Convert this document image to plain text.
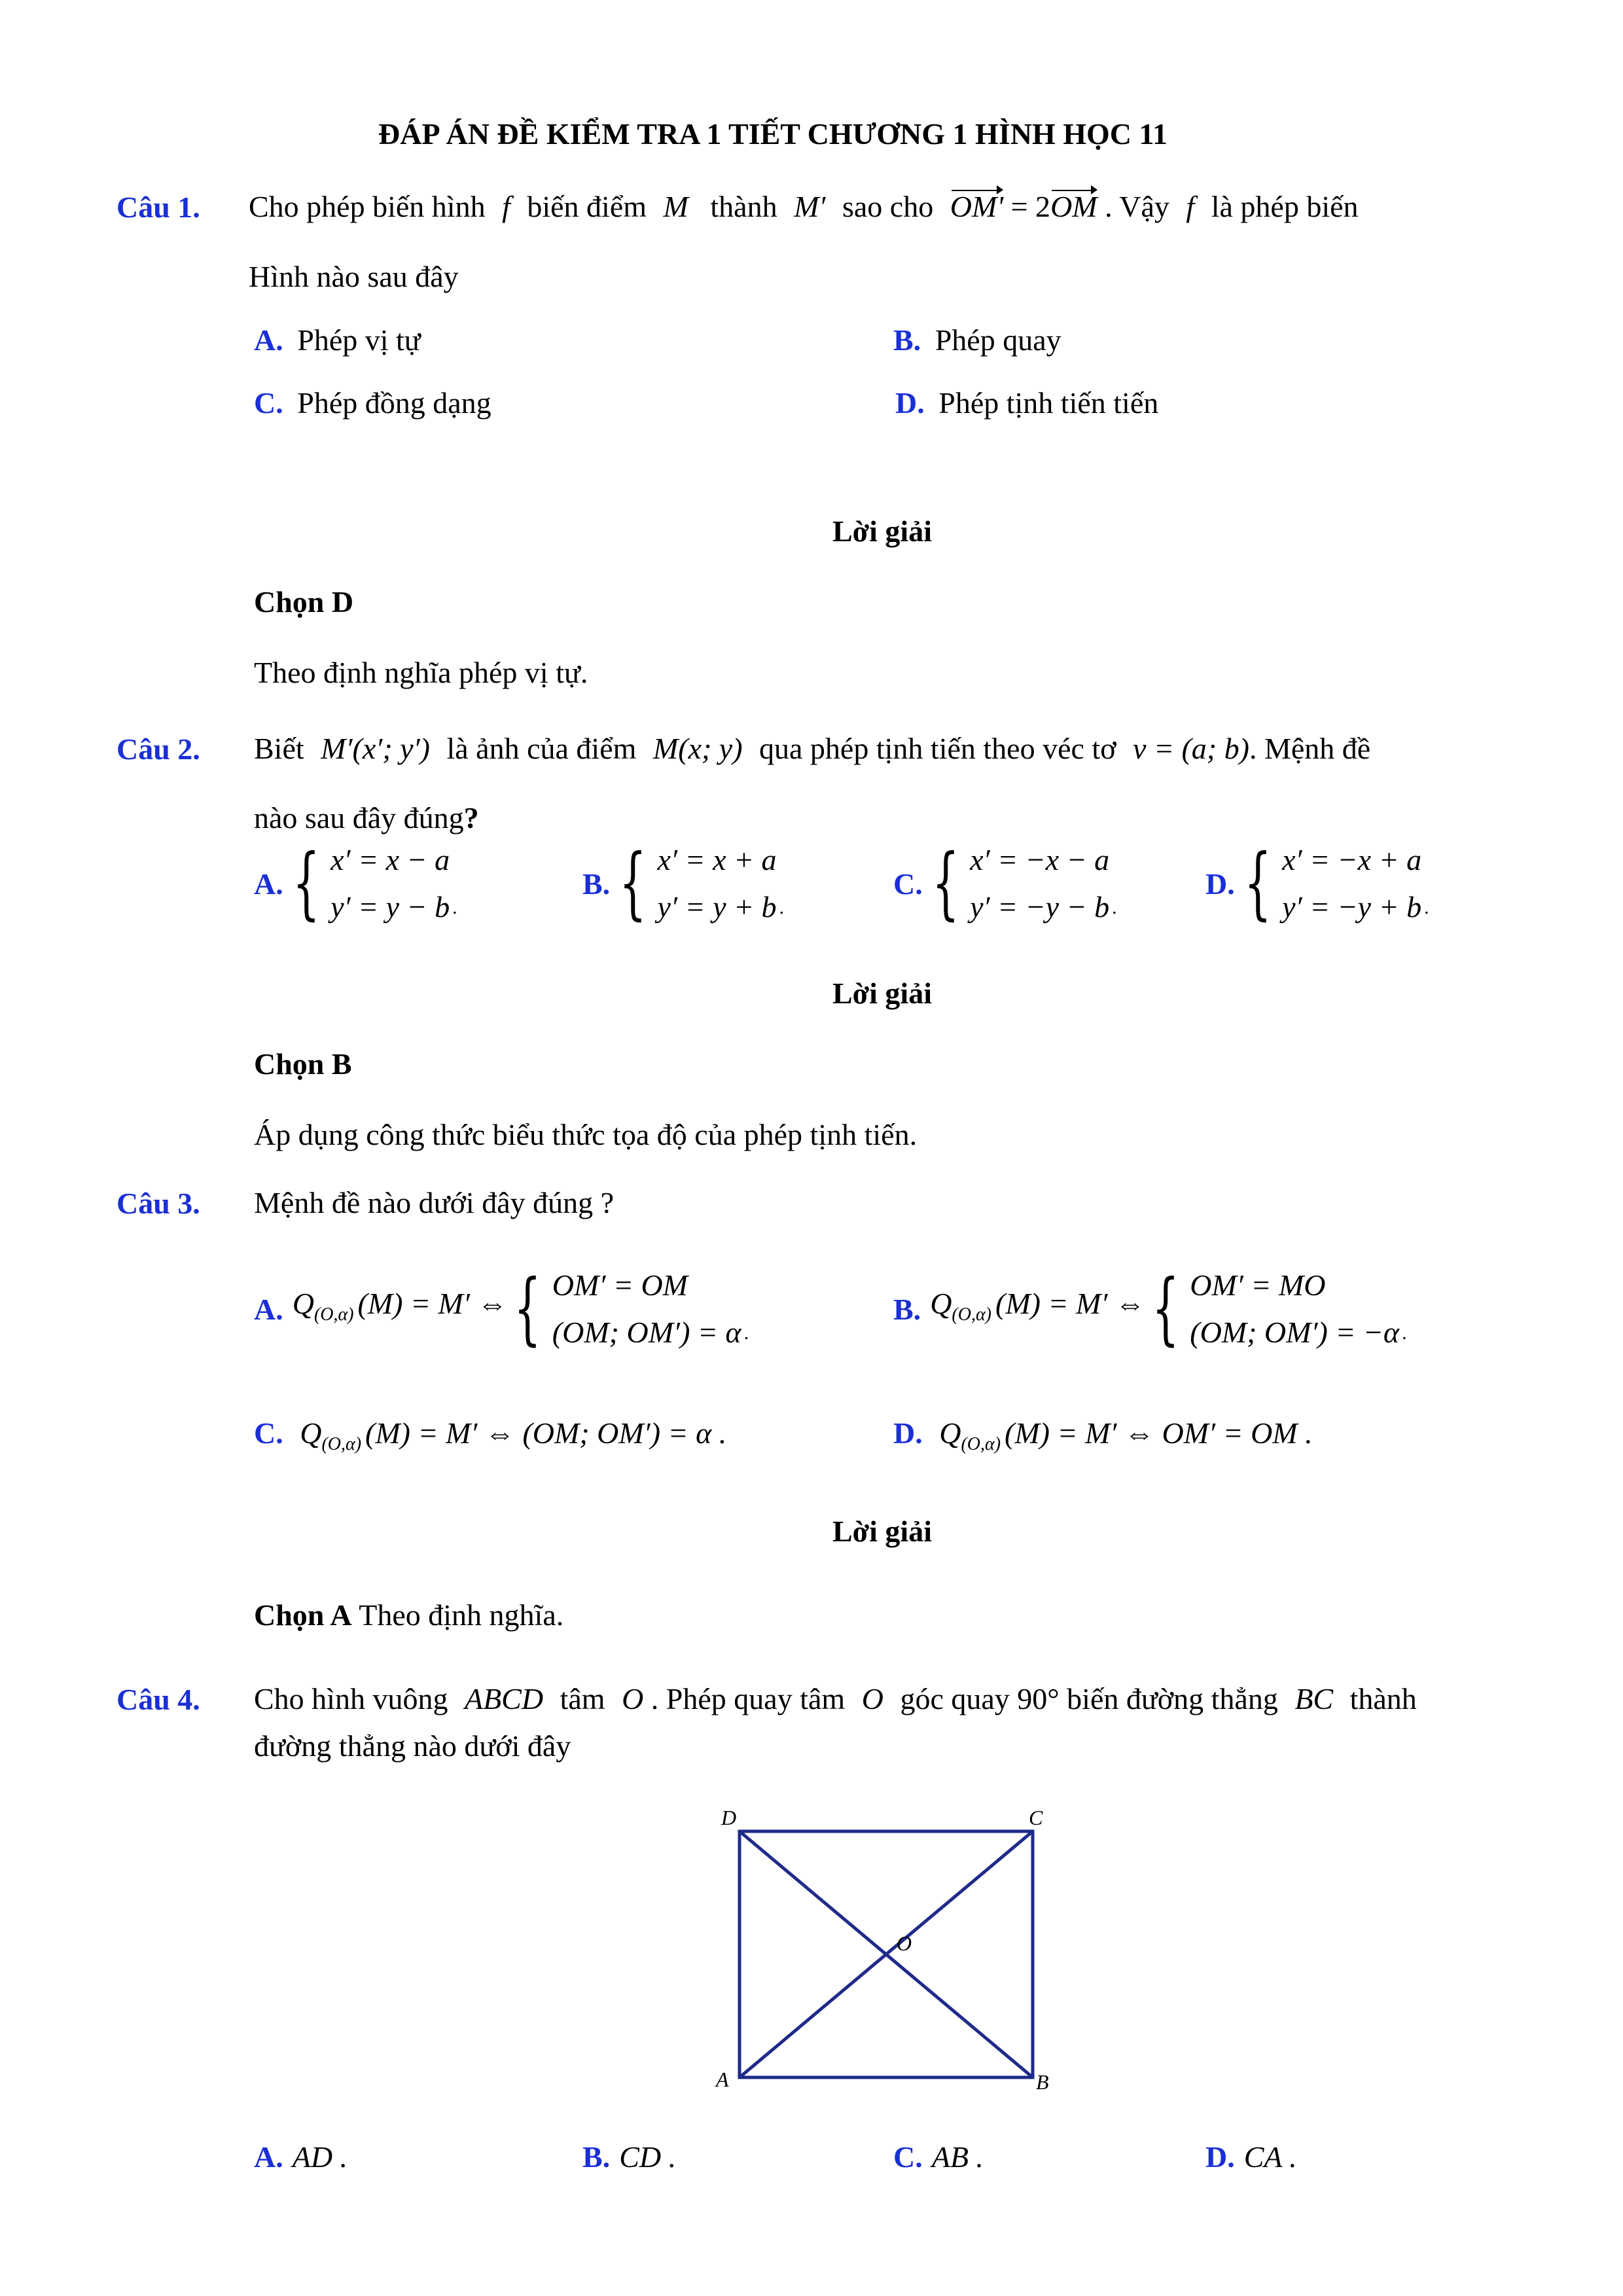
ĐÁP ÁN ĐỀ KIỂM TRA 1 TIẾT CHƯƠNG 1 HÌNH HỌC 11
Câu 1. Cho phép biến hình f biến điểm M thành M′ sao cho OM' = 2OM . Vậy f là phép biến
Hình nào sau đây
A. Phép vị tự	B. Phép quay
C. Phép đồng dạng	D. Phép tịnh tiến tiến
Lời giải
Chọn D
Theo định nghĩa phép vị tự.
Câu 2. Biết M′(x′; y′) là ảnh của điểm M(x; y) qua phép tịnh tiến theo véc tơ v = (a; b). Mệnh đề
nào sau đây đúng?
A. { x′ = x − a
y′ = y − b .
B. { x′ = x + a
y′ = y + b .
C. { x′ = −x − a
y′ = −y − b .
D. { x′ = −x + a
y′ = −y + b .
Lời giải
Chọn B
Áp dụng công thức biểu thức tọa độ của phép tịnh tiến.
Câu 3. Mệnh đề nào dưới đây đúng ?
A. $Q_{(O,\alpha)}$ (M) = M′ ⇔ { OM′ = OM
(OM; OM′) = α .
B. $Q_{(O,\alpha)}$ (M) = M′ ⇔ { OM′ = MO
(OM; OM′) = −α .
C. $Q_{(O,\alpha)}$ (M) = M′ ⇔ (OM; OM′) = α .	D. $Q_{(O,\alpha)}$ (M) = M′ ⇔ OM′ = OM .
Lời giải
Chọn A Theo định nghĩa.
Câu 4. Cho hình vuông ABCD tâm O . Phép quay tâm O góc quay 90° biến đường thẳng BC thành
đường thẳng nào dưới đây
D	C
O
A	B
A. AD .	B. CD .	C. AB .	D. CA .
